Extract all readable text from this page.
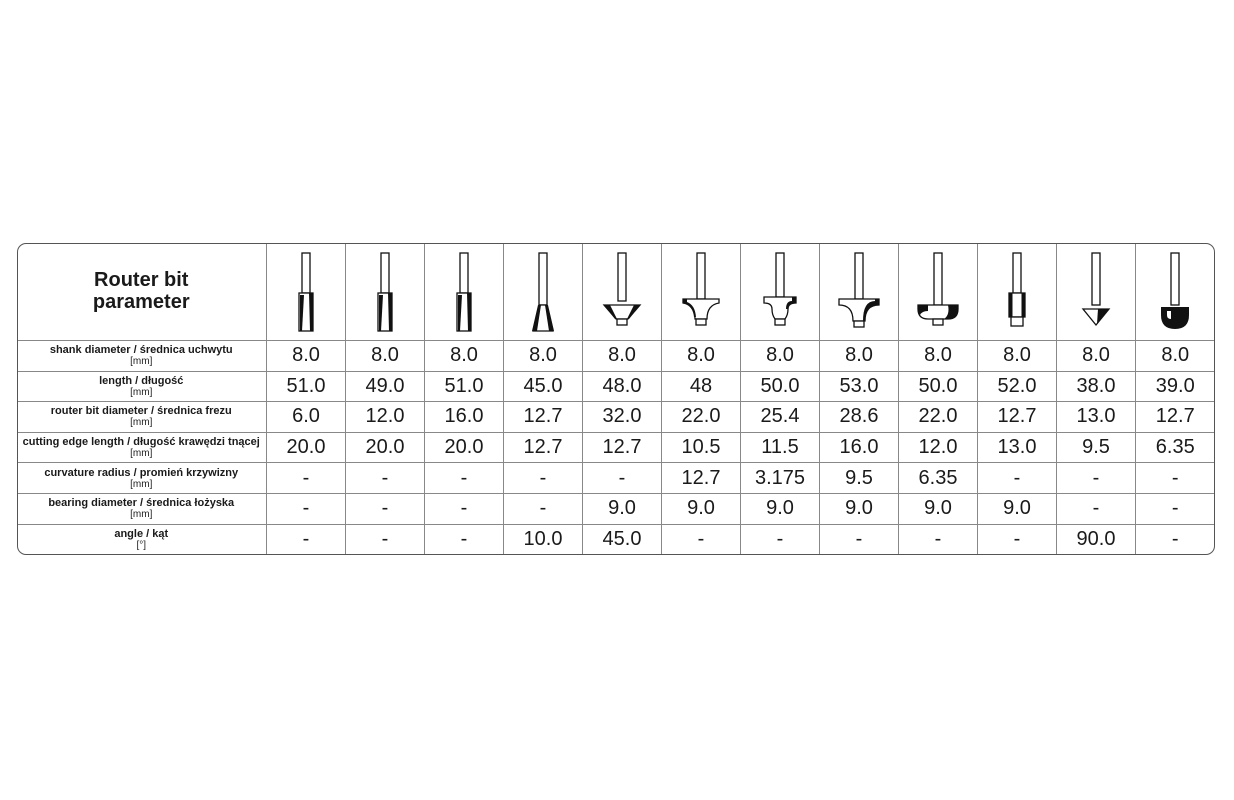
Router bit
parameter

shank diameter / średnica uchwytu
[mm]	8.0	8.0	8.0	8.0	8.0	8.0	8.0	8.0	8.0	8.0	8.0	8.0

length / długość
[mm]	51.0	49.0	51.0	45.0	48.0	48	50.0	53.0	50.0	52.0	38.0	39.0

router bit diameter / średnica frezu
[mm]	6.0	12.0	16.0	12.7	32.0	22.0	25.4	28.6	22.0	12.7	13.0	12.7

cutting edge length / długość krawędzi tnącej
[mm]	20.0	20.0	20.0	12.7	12.7	10.5	11.5	16.0	12.0	13.0	9.5	6.35

curvature radius / promień krzywizny
[mm]	-	-	-	-	-	12.7	3.175	9.5	6.35	-	-	-

bearing diameter / średnica łożyska
[mm]	-	-	-	-	9.0	9.0	9.0	9.0	9.0	9.0	-	-

angle / kąt
[°]	-	-	-	10.0	45.0	-	-	-	-	-	90.0	-
